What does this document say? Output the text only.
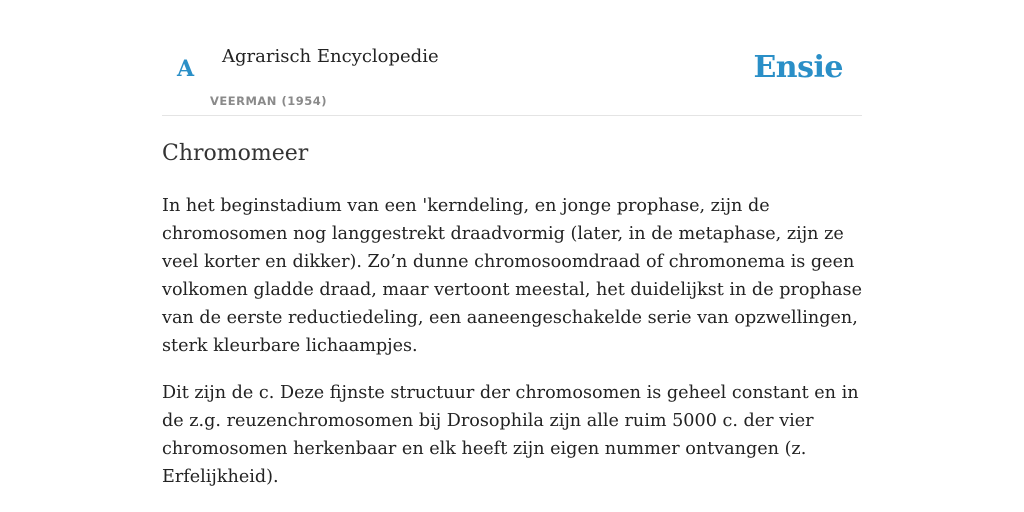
A Agrarisch Encyclopedie
VEERMAN (1954)
Ensie
Chromomeer

In het beginstadium van een 'kerndeling, en jonge prophase, zijn de chromosomen nog langgestrekt draadvormig (later, in de metaphase, zijn ze veel korter en dikker). Zo’n dunne chromosoomdraad of chromonema is geen volkomen gladde draad, maar vertoont meestal, het duidelijkst in de prophase van de eerste reductiedeling, een aaneengeschakelde serie van opzwellingen, sterk kleurbare lichaampjes.

Dit zijn de c. Deze fijnste structuur der chromosomen is geheel constant en in de z.g. reuzenchromosomen bij Drosophila zijn alle ruim 5000 c. der vier chromosomen herkenbaar en elk heeft zijn eigen nummer ontvangen (z. Erfelijkheid).
